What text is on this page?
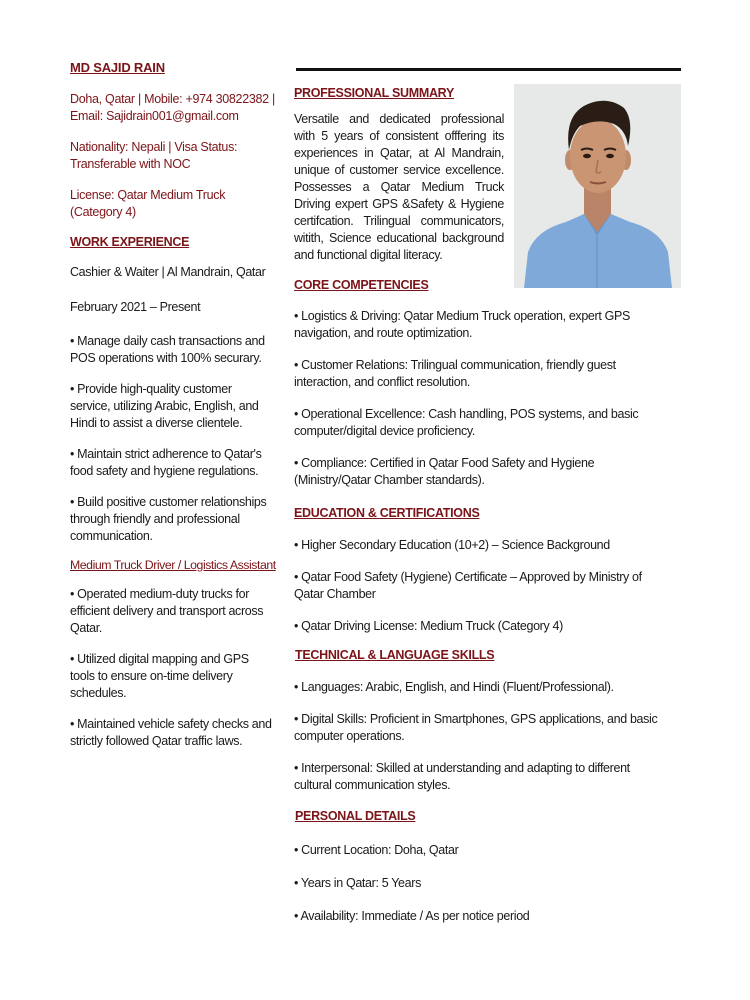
MD SAJID RAIN
Doha, Qatar | Mobile: +974 30822382 |
Email: Sajidrain001@gmail.com
Nationality: Nepali | Visa Status:
Transferable with NOC
License: Qatar Medium Truck
(Category 4)
WORK EXPERIENCE
Cashier & Waiter | Al Mandrain, Qatar
February 2021 – Present
• Manage daily cash transactions and
POS operations with 100% securary.
• Provide high-quality customer
service, utilizing Arabic, English, and
Hindi to assist a diverse clientele.
• Maintain strict adherence to Qatar's
food safety and hygiene regulations.
• Build positive customer relationships
through friendly and professional
communication.
Medium Truck Driver / Logistics Assistant
• Operated medium-duty trucks for
efficient delivery and transport across
Qatar.
• Utilized digital mapping and GPS
tools to ensure on-time delivery
schedules.
• Maintained vehicle safety checks and
strictly followed Qatar traffic laws.
PROFESSIONAL SUMMARY
Versatile and dedicated professional
with 5 years of consistent offfering its
experiences in Qatar, at Al Mandrain,
unique of customer service excellence.
Possesses a Qatar Medium Truck
Driving expert GPS &Safety & Hygiene
certifcation. Trilingual communicators,
witith, Science educational background
and functional digital literacy.
CORE COMPETENCIES
• Logistics & Driving: Qatar Medium Truck operation, expert GPS
navigation, and route optimization.
• Customer Relations: Trilingual communication, friendly guest
interaction, and conflict resolution.
• Operational Excellence: Cash handling, POS systems, and basic
computer/digital device proficiency.
• Compliance: Certified in Qatar Food Safety and Hygiene
(Ministry/Qatar Chamber standards).
EDUCATION & CERTIFICATIONS
• Higher Secondary Education (10+2) – Science Background
• Qatar Food Safety (Hygiene) Certificate – Approved by Ministry of
Qatar Chamber
• Qatar Driving License: Medium Truck (Category 4)
TECHNICAL & LANGUAGE SKILLS
• Languages: Arabic, English, and Hindi (Fluent/Professional).
• Digital Skills: Proficient in Smartphones, GPS applications, and basic
computer operations.
• Interpersonal: Skilled at understanding and adapting to different
cultural communication styles.
PERSONAL DETAILS
• Current Location: Doha, Qatar
• Years in Qatar: 5 Years
• Availability: Immediate / As per notice period
